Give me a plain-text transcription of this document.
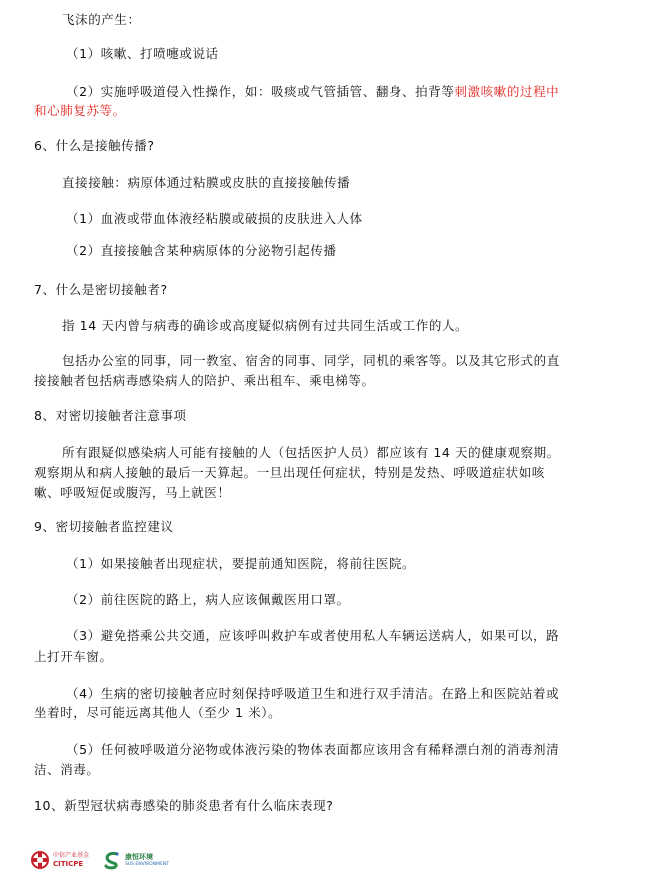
飞沫的产生：
（1）咳嗽、打喷嚏或说话
（2）实施呼吸道侵入性操作，如：吸痰或气管插管、翻身、拍背等刺激咳嗽的过程中
和心肺复苏等。
6、什么是接触传播?
直接接触：病原体通过粘膜或皮肤的直接接触传播
（1）血液或带血体液经粘膜或破损的皮肤进入人体
（2）直接接触含某种病原体的分泌物引起传播
7、什么是密切接触者?
指 14 天内曾与病毒的确诊或高度疑似病例有过共同生活或工作的人。
包括办公室的同事，同一教室、宿舍的同事、同学，同机的乘客等。以及其它形式的直
接接触者包括病毒感染病人的陪护、乘出租车、乘电梯等。
8、对密切接触者注意事项
所有跟疑似感染病人可能有接触的人（包括医护人员）都应该有 14 天的健康观察期。
观察期从和病人接触的最后一天算起。一旦出现任何症状，特别是发热、呼吸道症状如咳
嗽、呼吸短促或腹泻，马上就医！
9、密切接触者监控建议
（1）如果接触者出现症状，要提前通知医院，将前往医院。
（2）前往医院的路上，病人应该佩戴医用口罩。
（3）避免搭乘公共交通，应该呼叫救护车或者使用私人车辆运送病人，如果可以，路
上打开车窗。
（4）生病的密切接触者应时刻保持呼吸道卫生和进行双手清洁。在路上和医院站着或
坐着时，尽可能远离其他人（至少 1 米）。
（5）任何被呼吸道分泌物或体液污染的物体表面都应该用含有稀释漂白剂的消毒剂清
洁、消毒。
10、新型冠状病毒感染的肺炎患者有什么临床表现?
中信产业基金
CITICPE
康恒环境
SUS ENVIRONMENT
